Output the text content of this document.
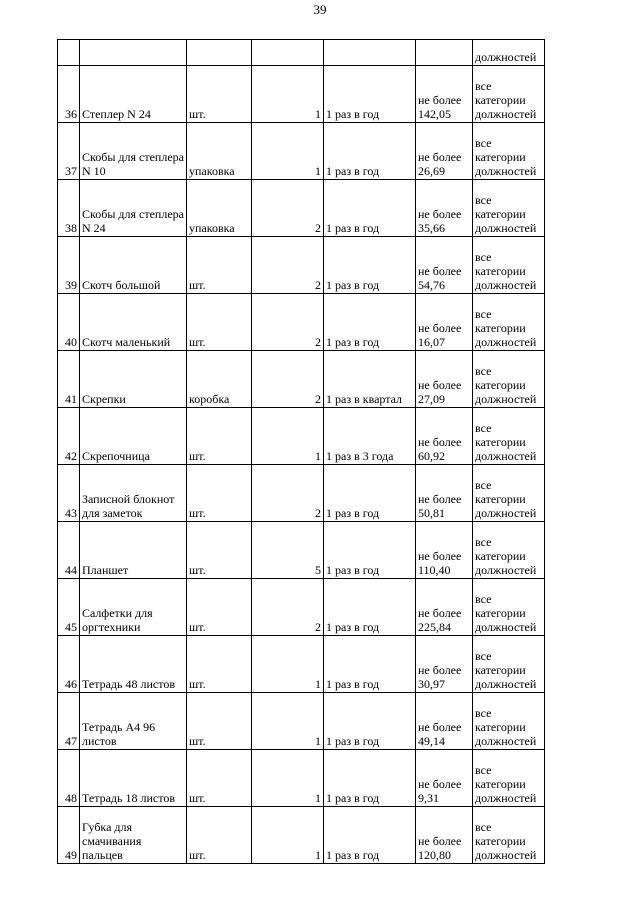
39
						должностей
36	Степлер N 24	шт.	1	1 раз в год	не более 142,05	все категории должностей
37	Скобы для степлера N 10	упаковка	1	1 раз в год	не более 26,69	все категории должностей
38	Скобы для степлера N 24	упаковка	2	1 раз в год	не более 35,66	все категории должностей
39	Скотч большой	шт.	2	1 раз в год	не более 54,76	все категории должностей
40	Скотч маленький	шт.	2	1 раз в год	не более 16,07	все категории должностей
41	Скрепки	коробка	2	1 раз в квартал	не более 27,09	все категории должностей
42	Скрепочница	шт.	1	1 раз в 3 года	не более 60,92	все категории должностей
43	Записной блокнот для заметок	шт.	2	1 раз в год	не более 50,81	все категории должностей
44	Планшет	шт.	5	1 раз в год	не более 110,40	все категории должностей
45	Салфетки для оргтехники	шт.	2	1 раз в год	не более 225,84	все категории должностей
46	Тетрадь 48 листов	шт.	1	1 раз в год	не более 30,97	все категории должностей
47	Тетрадь А4 96 листов	шт.	1	1 раз в год	не более 49,14	все категории должностей
48	Тетрадь 18 листов	шт.	1	1 раз в год	не более 9,31	все категории должностей
49	Губка для смачивания пальцев	шт.	1	1 раз в год	не более 120,80	все категории должностей
